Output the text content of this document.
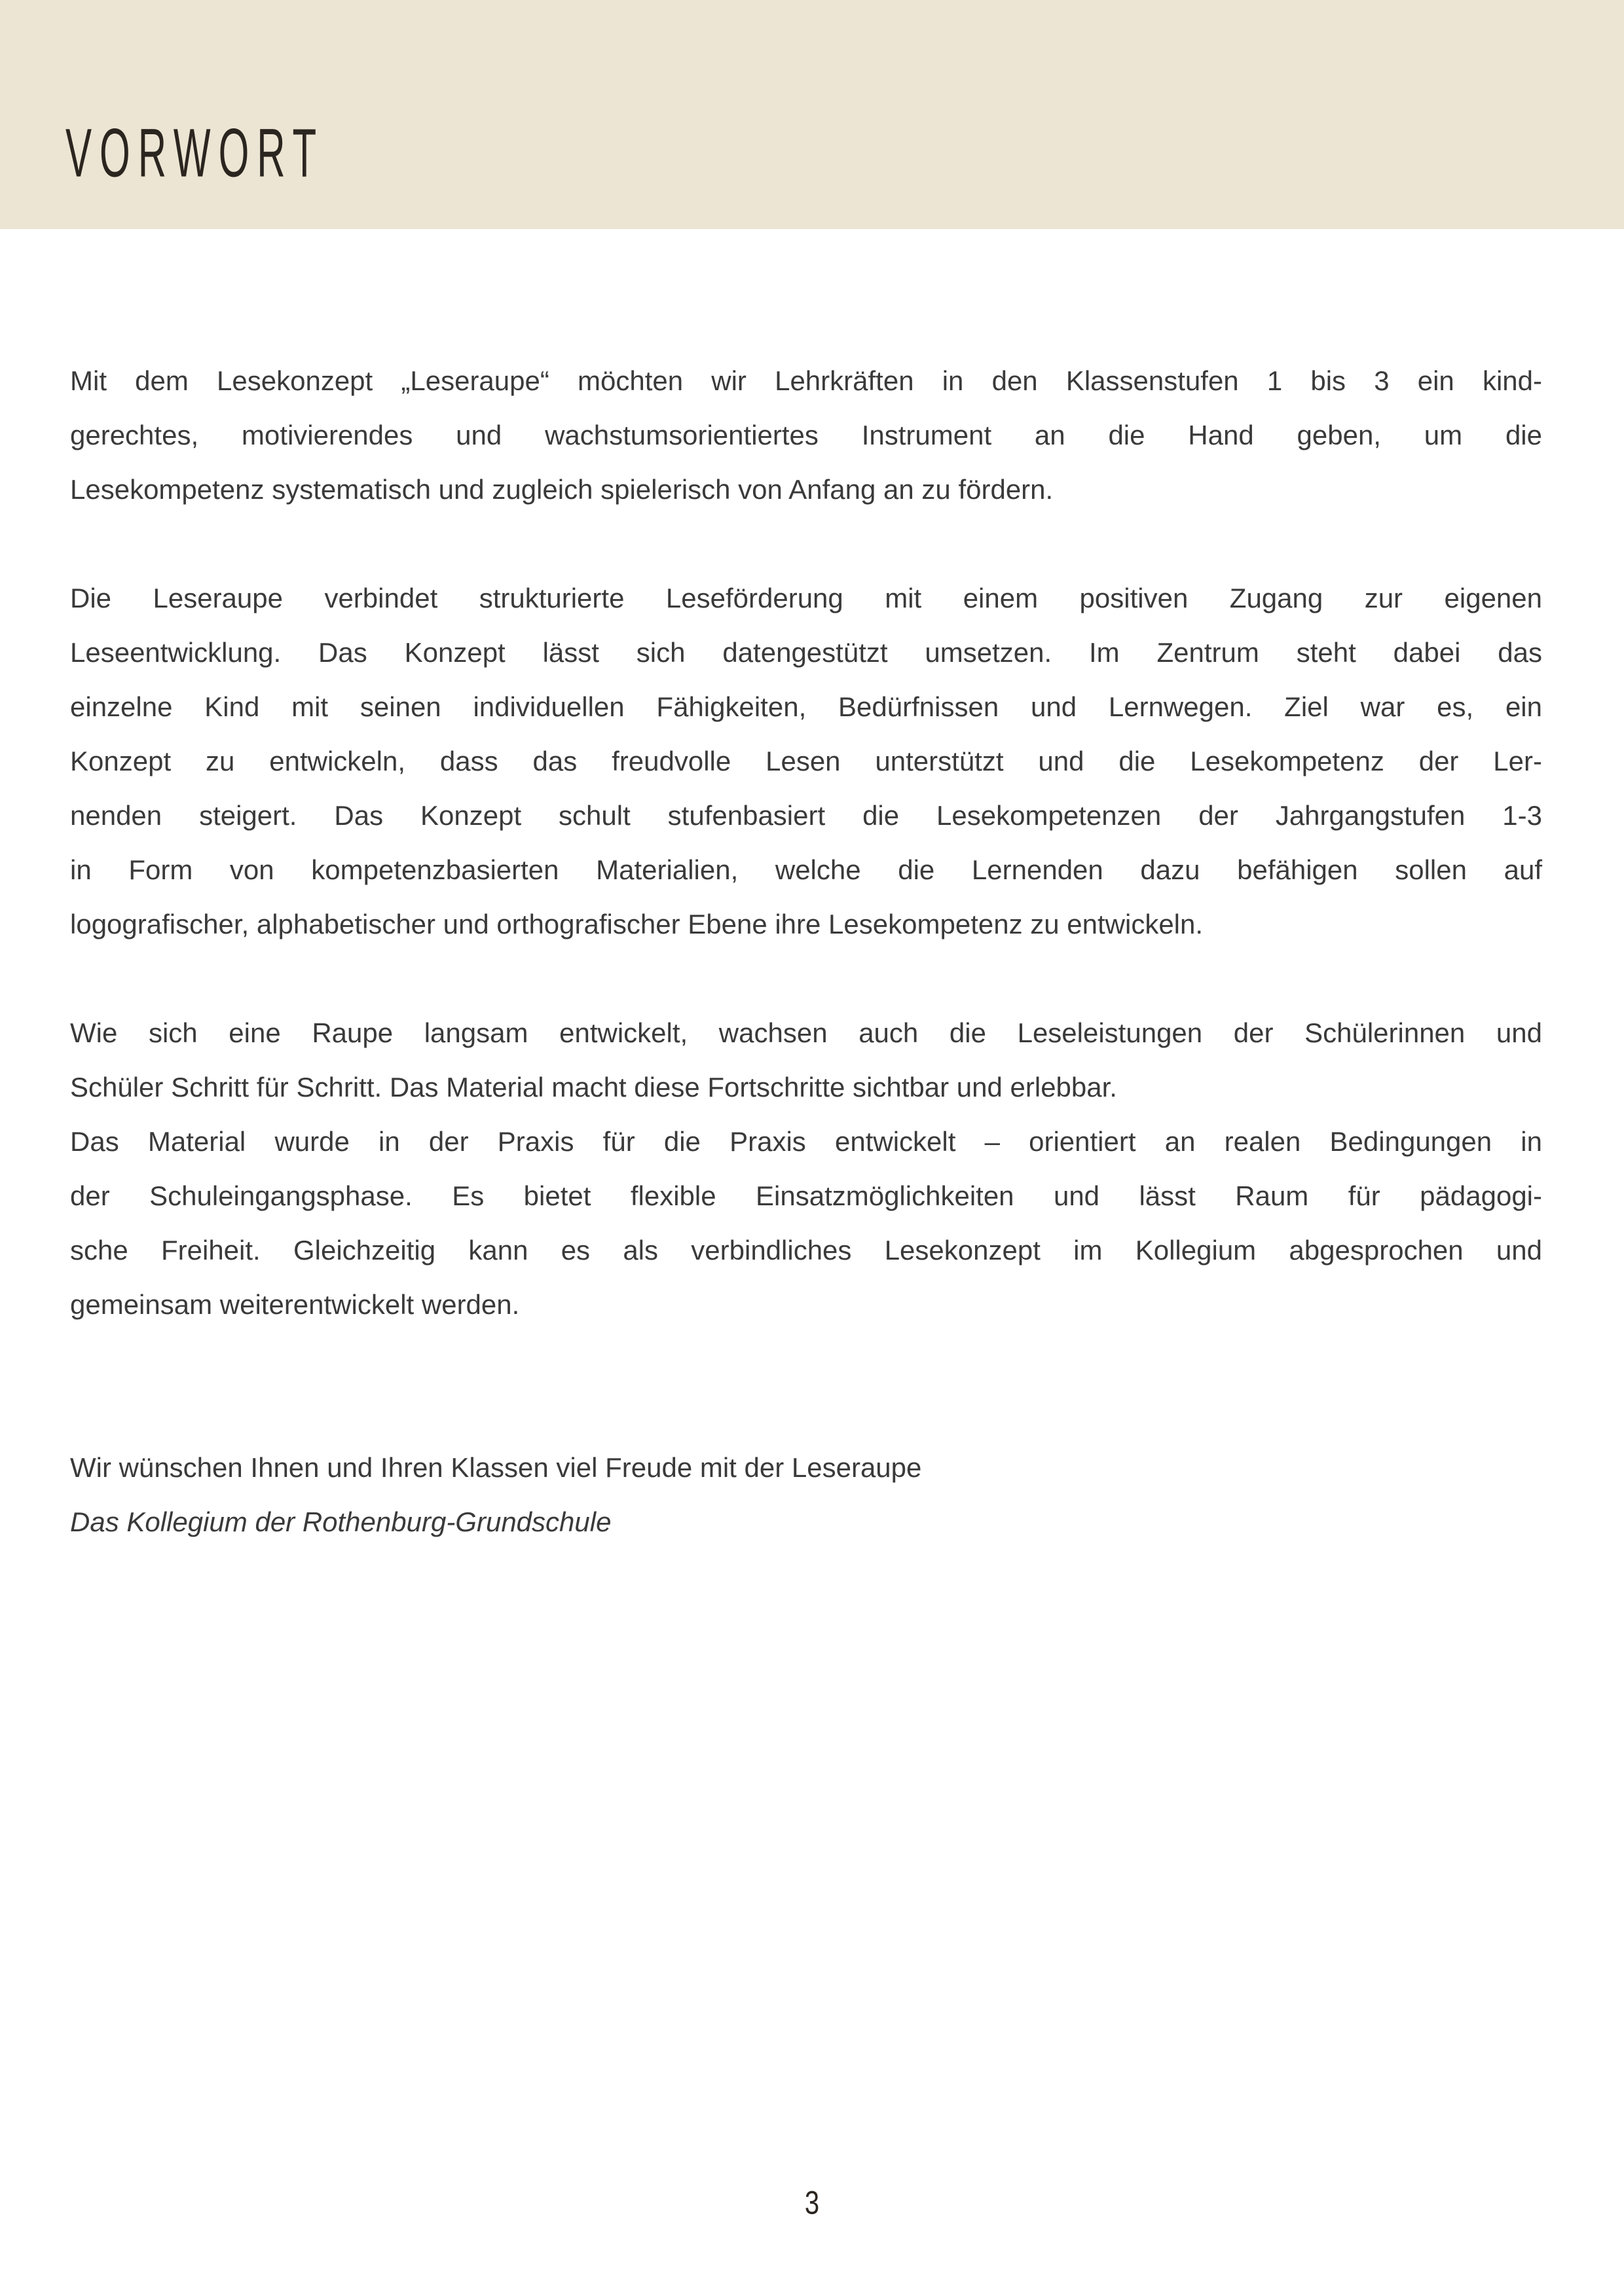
VORWORT
Mit dem Lesekonzept „Leseraupe“ möchten wir Lehrkräften in den Klassenstufen 1 bis 3 ein kind-
gerechtes, motivierendes und wachstumsorientiertes Instrument an die Hand geben, um die
Lesekompetenz systematisch und zugleich spielerisch von Anfang an zu fördern.
Die Leseraupe verbindet strukturierte Leseförderung mit einem positiven Zugang zur eigenen
Leseentwicklung. Das Konzept lässt sich datengestützt umsetzen. Im Zentrum steht dabei das
einzelne Kind mit seinen individuellen Fähigkeiten, Bedürfnissen und Lernwegen. Ziel war es, ein
Konzept zu entwickeln, dass das freudvolle Lesen unterstützt und die Lesekompetenz der Ler-
nenden steigert. Das Konzept schult stufenbasiert die Lesekompetenzen der Jahrgangstufen 1-3
in Form von kompetenzbasierten Materialien, welche die Lernenden dazu befähigen sollen auf
logografischer, alphabetischer und orthografischer Ebene ihre Lesekompetenz zu entwickeln.
Wie sich eine Raupe langsam entwickelt, wachsen auch die Leseleistungen der Schülerinnen und
Schüler Schritt für Schritt. Das Material macht diese Fortschritte sichtbar und erlebbar.
Das Material wurde in der Praxis für die Praxis entwickelt – orientiert an realen Bedingungen in
der Schuleingangsphase. Es bietet flexible Einsatzmöglichkeiten und lässt Raum für pädagogi-
sche Freiheit. Gleichzeitig kann es als verbindliches Lesekonzept im Kollegium abgesprochen und
gemeinsam weiterentwickelt werden.

Wir wünschen Ihnen und Ihren Klassen viel Freude mit der Leseraupe

Das Kollegium der Rothenburg-Grundschule

3
